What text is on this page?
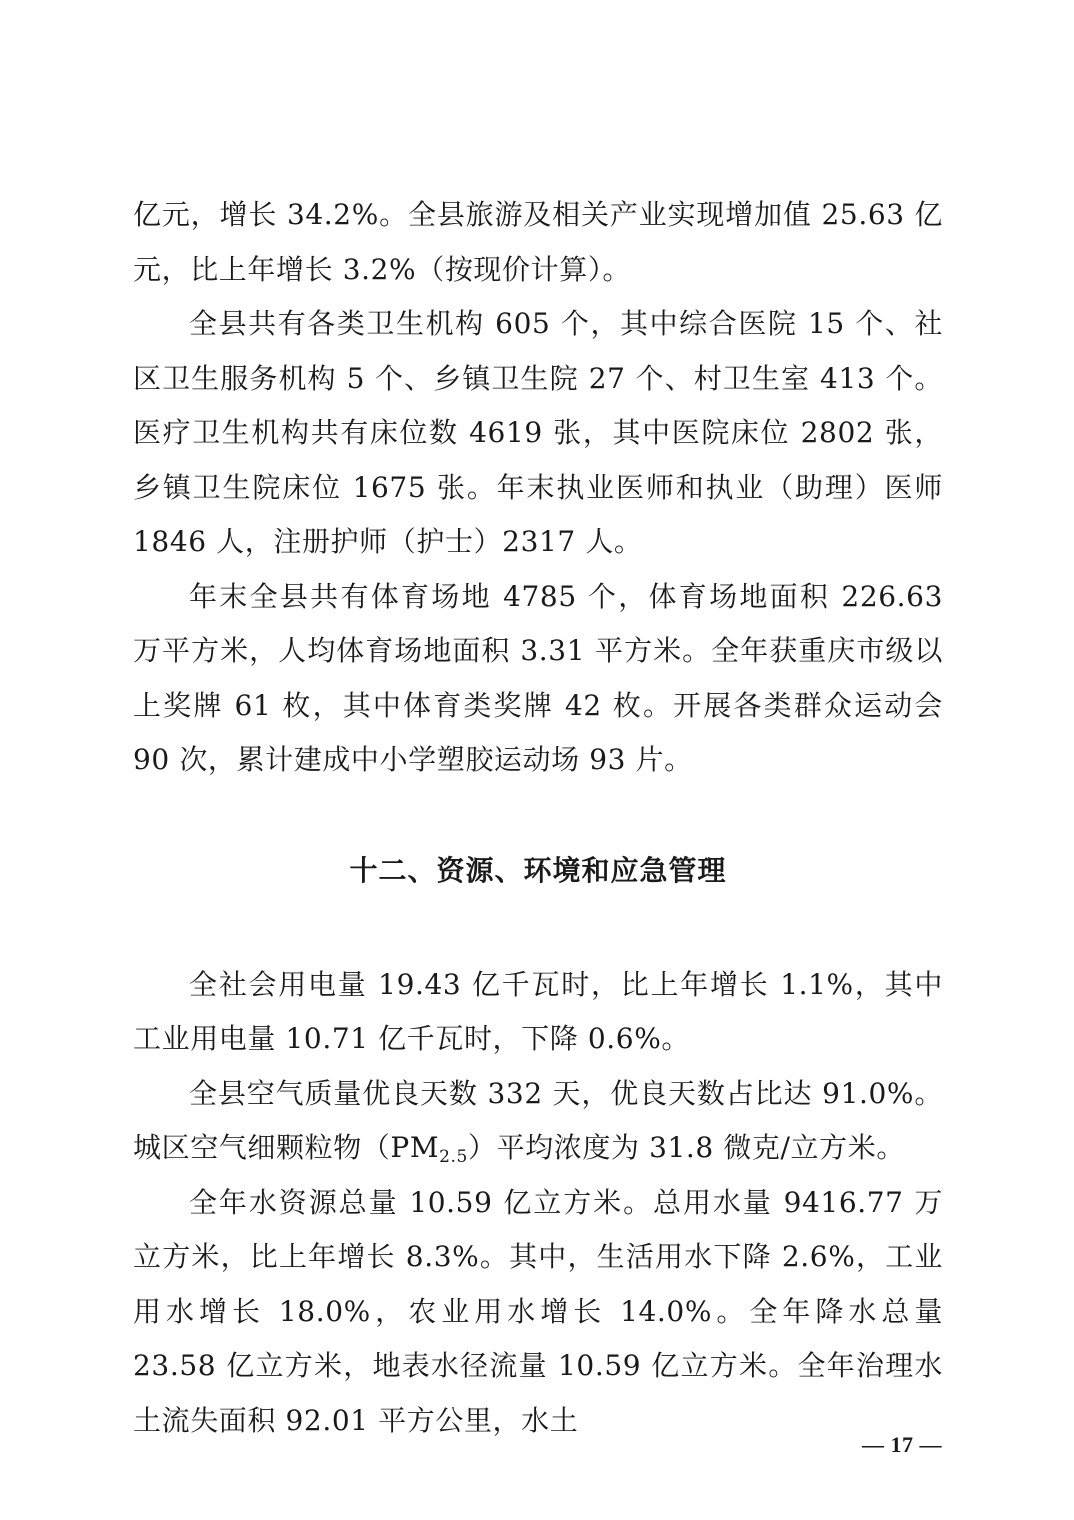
亿元，增长 34.2%。全县旅游及相关产业实现增加值 25.63 亿元，比上年增长 3.2%（按现价计算）。

全县共有各类卫生机构 605 个，其中综合医院 15 个、社区卫生服务机构 5 个、乡镇卫生院 27 个、村卫生室 413 个。医疗卫生机构共有床位数 4619 张，其中医院床位 2802 张，乡镇卫生院床位 1675 张。年末执业医师和执业（助理）医师 1846 人，注册护师（护士）2317 人。

年末全县共有体育场地 4785 个，体育场地面积 226.63 万平方米，人均体育场地面积 3.31 平方米。全年获重庆市级以上奖牌 61 枚，其中体育类奖牌 42 枚。开展各类群众运动会 90 次，累计建成中小学塑胶运动场 93 片。

十二、资源、环境和应急管理

全社会用电量 19.43 亿千瓦时，比上年增长 1.1%，其中工业用电量 10.71 亿千瓦时，下降 0.6%。

全县空气质量优良天数 332 天，优良天数占比达 91.0%。城区空气细颗粒物$(PM_{2.5})$平均浓度为 31.8 微克/立方米。

全年水资源总量 10.59 亿立方米。总用水量 9416.77 万立方米，比上年增长 8.3%。其中，生活用水下降 2.6%，工业用水增长 18.0%，农业用水增长 14.0%。全年降水总量 23.58 亿立方米，地表水径流量 10.59 亿立方米。全年治理水土流失面积 92.01 平方公里，水土

— 17 —
